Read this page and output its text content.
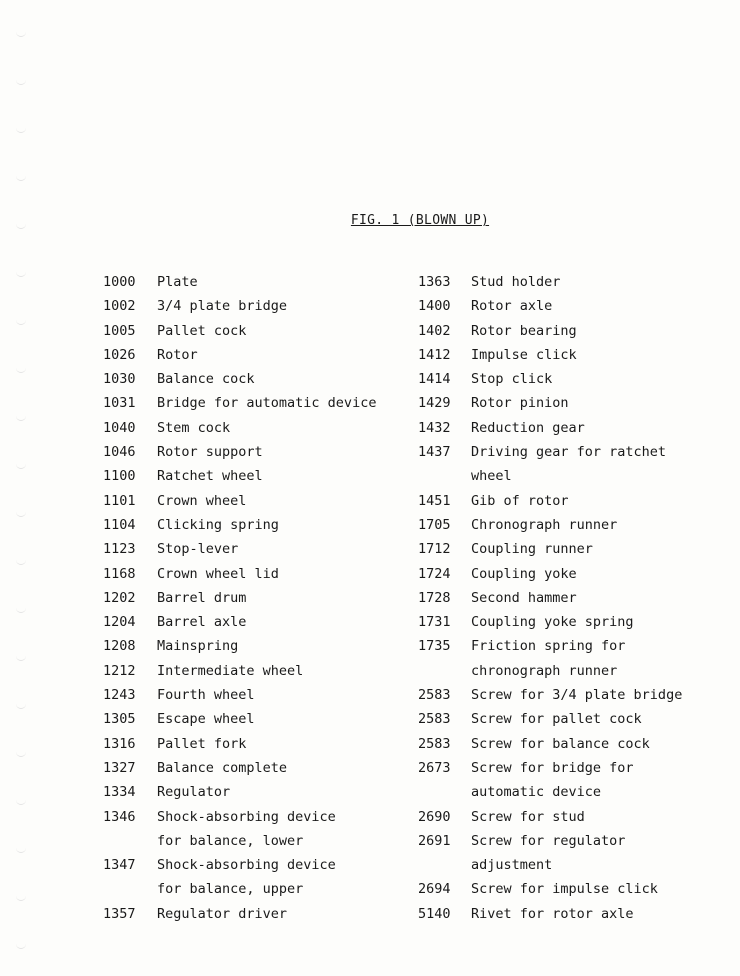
FIG. 1 (BLOWN UP)
1000	Plate
1002	3/4 plate bridge
1005	Pallet cock
1026	Rotor
1030	Balance cock
1031	Bridge for automatic device
1040	Stem cock
1046	Rotor support
1100	Ratchet wheel
1101	Crown wheel
1104	Clicking spring
1123	Stop-lever
1168	Crown wheel lid
1202	Barrel drum
1204	Barrel axle
1208	Mainspring
1212	Intermediate wheel
1243	Fourth wheel
1305	Escape wheel
1316	Pallet fork
1327	Balance complete
1334	Regulator
1346	Shock-absorbing device
for balance, lower
1347	Shock-absorbing device
for balance, upper
1357	Regulator driver
1363	Stud holder
1400	Rotor axle
1402	Rotor bearing
1412	Impulse click
1414	Stop click
1429	Rotor pinion
1432	Reduction gear
1437	Driving gear for ratchet
wheel
1451	Gib of rotor
1705	Chronograph runner
1712	Coupling runner
1724	Coupling yoke
1728	Second hammer
1731	Coupling yoke spring
1735	Friction spring for
chronograph runner
2583	Screw for 3/4 plate bridge
2583	Screw for pallet cock
2583	Screw for balance cock
2673	Screw for bridge for
automatic device
2690	Screw for stud
2691	Screw for regulator
adjustment
2694	Screw for impulse click
5140	Rivet for rotor axle
